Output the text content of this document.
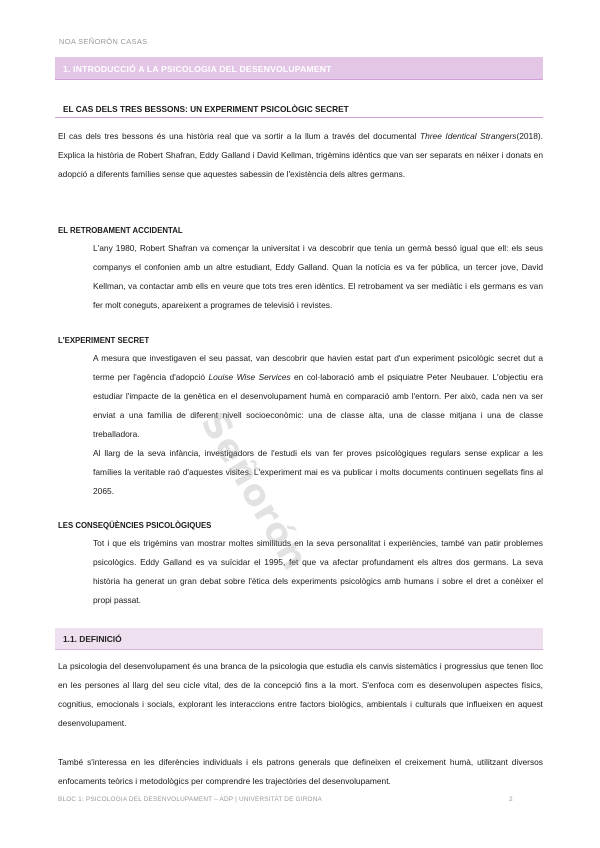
NOA SEÑORÓN CASAS
1. INTRODUCCIÓ A LA PSICOLOGIA DEL DESENVOLUPAMENT
EL CAS DELS TRES BESSONS: UN EXPERIMENT PSICOLÒGIC SECRET

El cas dels tres bessons és una història real que va sortir a la llum a través del documental Three Identical Strangers(2018). Explica la història de Robert Shafran, Eddy Galland i David Kellman, trigèmins idèntics que van ser separats en néixer i donats en adopció a diferents famílies sense que aquestes sabessin de l'existència dels altres germans.

EL RETROBAMENT ACCIDENTAL

L'any 1980, Robert Shafran va començar la universitat i va descobrir que tenia un germà bessó igual que ell: els seus companys el confonien amb un altre estudiant, Eddy Galland. Quan la notícia es va fer pública, un tercer jove, David Kellman, va contactar amb ells en veure que tots tres eren idèntics. El retrobament va ser mediàtic i els germans es van fer molt coneguts, apareixent a programes de televisió i revistes.

L'EXPERIMENT SECRET

A mesura que investigaven el seu passat, van descobrir que havien estat part d'un experiment psicològic secret dut a terme per l'agència d'adopció Louise Wise Services en col·laboració amb el psiquiatre Peter Neubauer. L'objectiu era estudiar l'impacte de la genètica en el desenvolupament humà en comparació amb l'entorn. Per això, cada nen va ser enviat a una família de diferent nivell socioeconòmic: una de classe alta, una de classe mitjana i una de classe treballadora.

Al llarg de la seva infància, investigadors de l'estudi els van fer proves psicològiques regulars sense explicar a les famílies la veritable raó d'aquestes visites. L'experiment mai es va publicar i molts documents continuen segellats fins al 2065.

LES CONSEQÜÈNCIES PSICOLÒGIQUES

Tot i que els trigèmins van mostrar moltes similituds en la seva personalitat i experiències, també van patir problemes psicològics. Eddy Galland es va suïcidar el 1995, fet que va afectar profundament els altres dos germans. La seva història ha generat un gran debat sobre l'ètica dels experiments psicològics amb humans i sobre el dret a conèixer el propi passat.

1.1. DEFINICIÓ

La psicologia del desenvolupament és una branca de la psicologia que estudia els canvis sistemàtics i progressius que tenen lloc en les persones al llarg del seu cicle vital, des de la concepció fins a la mort. S'enfoca com es desenvolupen aspectes físics, cognitius, emocionals i socials, explorant les interaccions entre factors biològics, ambientals i culturals que influeixen en aquest desenvolupament.

També s'interessa en les diferències individuals i els patrons generals que defineixen el creixement humà, utilitzant diversos enfocaments teòrics i metodològics per comprendre les trajectòries del desenvolupament.

Señorón
BLOC 1: PSICOLOGIA DEL DESENVOLUPAMENT – ADP | UNIVERSITAT DE GIRONA	2
